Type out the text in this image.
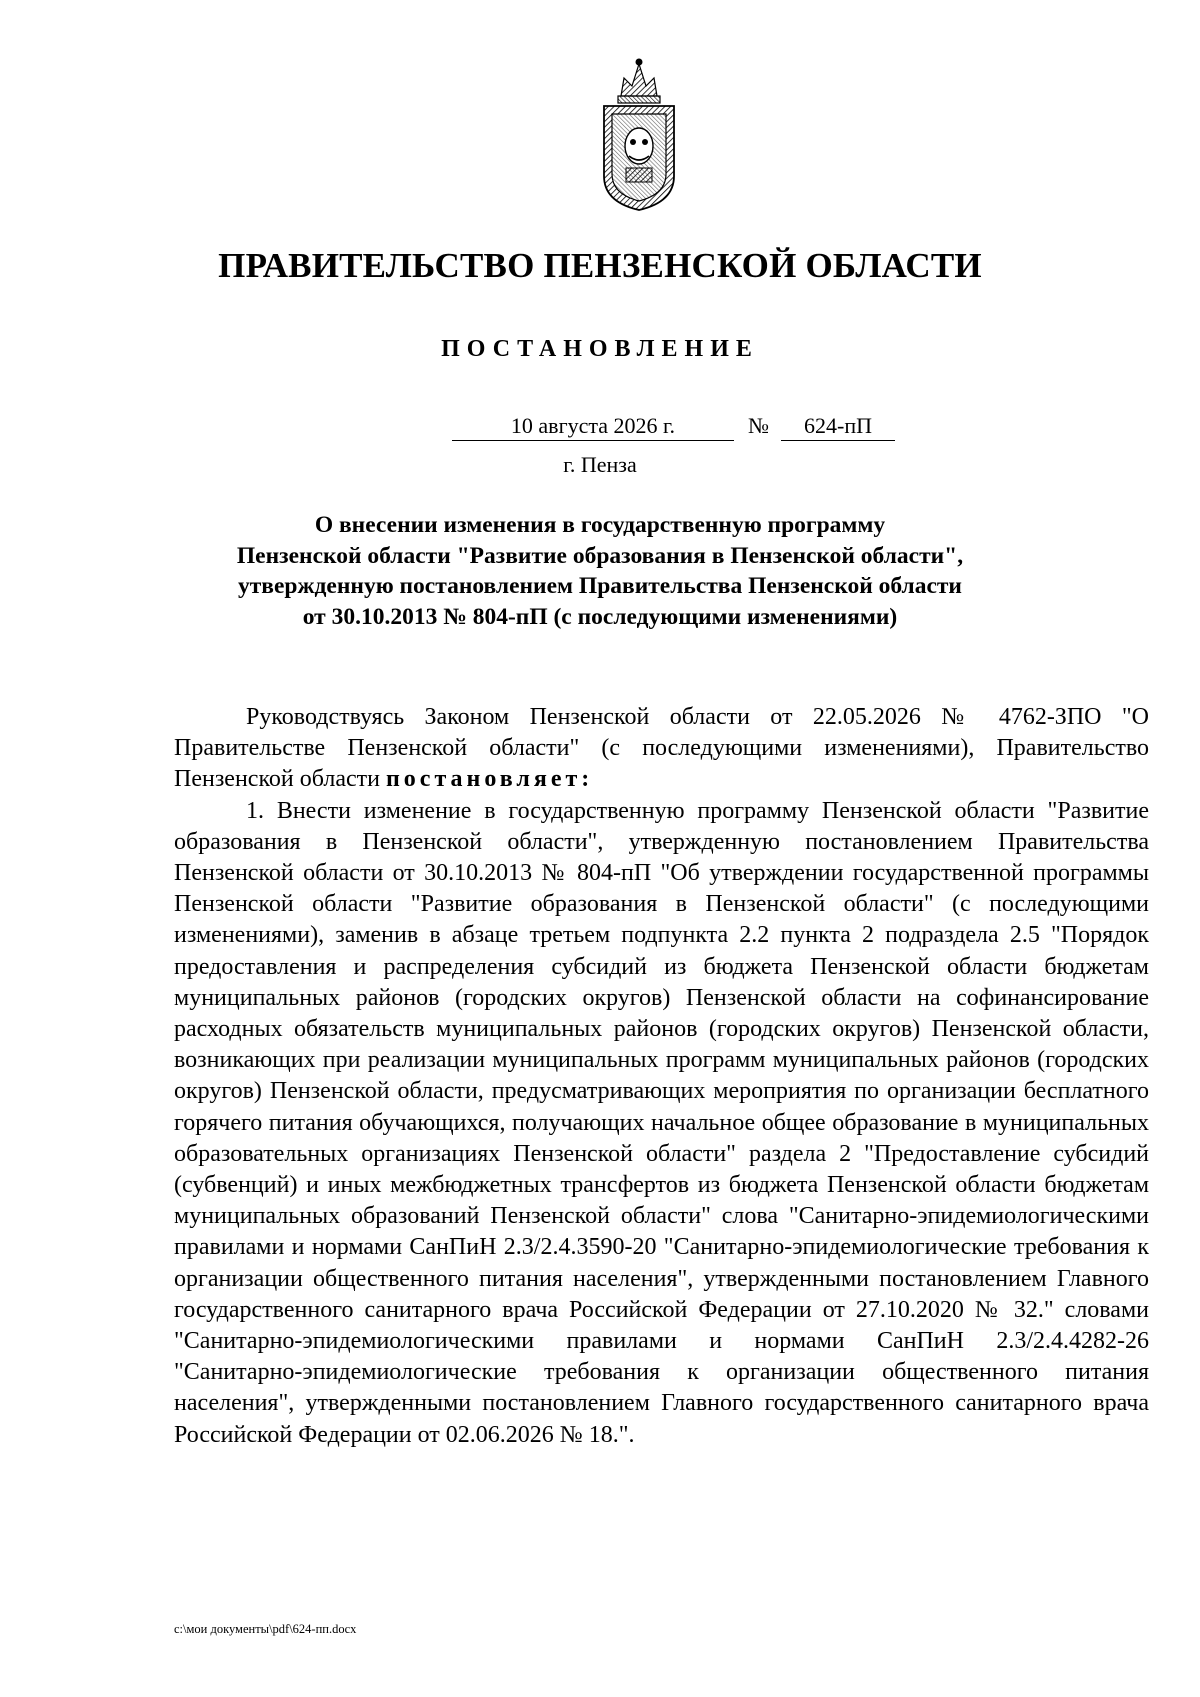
ПРАВИТЕЛЬСТВО ПЕНЗЕНСКОЙ ОБЛАСТИ
ПОСТАНОВЛЕНИЕ
10 августа 2026 г.	№	624-пП
г. Пенза
О внесении изменения в государственную программу
Пензенской области "Развитие образования в Пензенской области",
утвержденную постановлением Правительства Пензенской области
от 30.10.2013 № 804-пП (с последующими изменениями)

Руководствуясь Законом Пензенской области от 22.05.2026 № 4762-ЗПО "О Правительстве Пензенской области" (с последующими изменениями), Правительство Пензенской области постановляет:

1. Внести изменение в государственную программу Пензенской области "Развитие образования в Пензенской области", утвержденную постановлением Правительства Пензенской области от 30.10.2013 № 804-пП "Об утверждении государственной программы Пензенской области "Развитие образования в Пензенской области" (с последующими изменениями), заменив в абзаце третьем подпункта 2.2 пункта 2 подраздела 2.5 "Порядок предоставления и распределения субсидий из бюджета Пензенской области бюджетам муниципальных районов (городских округов) Пензенской области на софинансирование расходных обязательств муниципальных районов (городских округов) Пензенской области, возникающих при реализации муниципальных программ муниципальных районов (городских округов) Пензенской области, предусматривающих мероприятия по организации бесплатного горячего питания обучающихся, получающих начальное общее образование в муниципальных образовательных организациях Пензенской области" раздела 2 "Предоставление субсидий (субвенций) и иных межбюджетных трансфертов из бюджета Пензенской области бюджетам муниципальных образований Пензенской области" слова "Санитарно-эпидемиологическими правилами и нормами СанПиН 2.3/2.4.3590-20 "Санитарно-эпидемиологические требования к организации общественного питания населения", утвержденными постановлением Главного государственного санитарного врача Российской Федерации от 27.10.2020 № 32." словами "Санитарно-эпидемиологическими правилами и нормами СанПиН 2.3/2.4.4282-26 "Санитарно-эпидемиологические требования к организации общественного питания населения", утвержденными постановлением Главного государственного санитарного врача Российской Федерации от 02.06.2026 № 18.".

c:\мои документы\pdf\624-пп.docx
